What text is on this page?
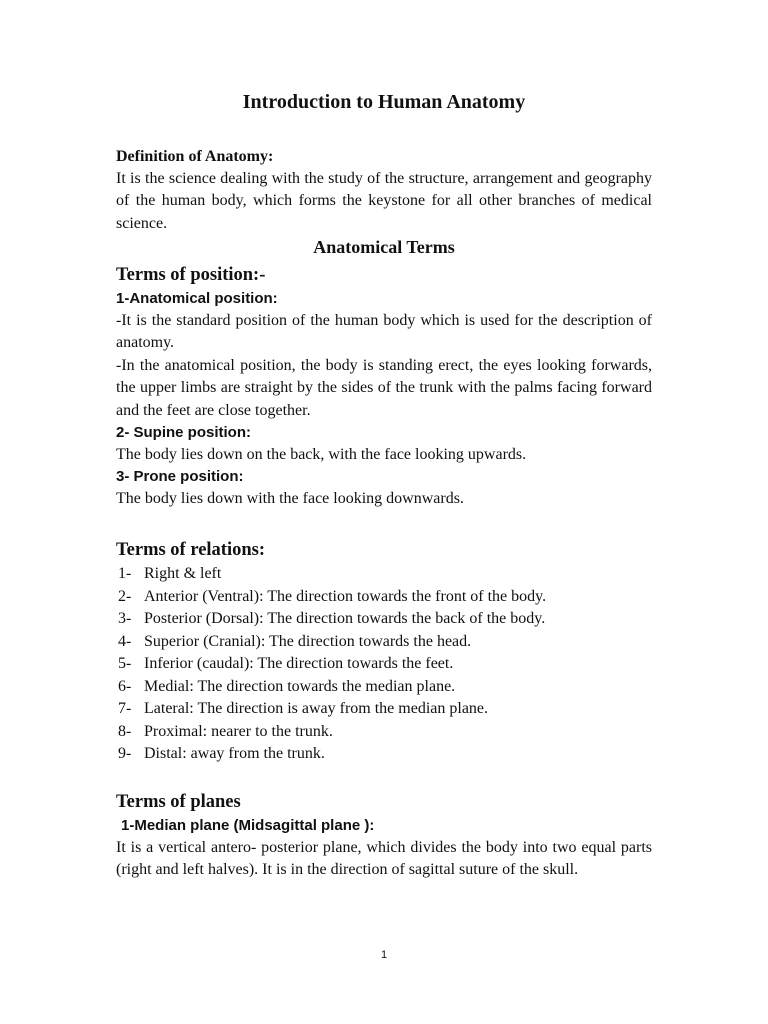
Introduction to Human Anatomy

Definition of Anatomy:

It is the science dealing with the study of the structure, arrangement and geography of the human body, which forms the keystone for all other branches of medical science.

Anatomical Terms
Terms of position:-
1-Anatomical position:

-It is the standard position of the human body which is used for the description of anatomy.

-In the anatomical position, the body is standing erect, the eyes looking forwards, the upper limbs are straight by the sides of the trunk with the palms facing forward and the feet are close together.

2- Supine position:

The body lies down on the back, with the face looking upwards.

3- Prone position:

The body lies down with the face looking downwards.

Terms of relations:
1- Right & left
2- Anterior (Ventral): The direction towards the front of the body.
3- Posterior (Dorsal): The direction towards the back of the body.
4- Superior (Cranial): The direction towards the head.
5- Inferior (caudal): The direction towards the feet.
6- Medial: The direction towards the median plane.
7- Lateral: The direction is away from the median plane.
8- Proximal: nearer to the trunk.
9- Distal: away from the trunk.
Terms of planes
1-Median plane (Midsagittal plane ):

It is a vertical antero- posterior plane, which divides the body into two equal parts (right and left halves). It is in the direction of sagittal suture of the skull.

1
